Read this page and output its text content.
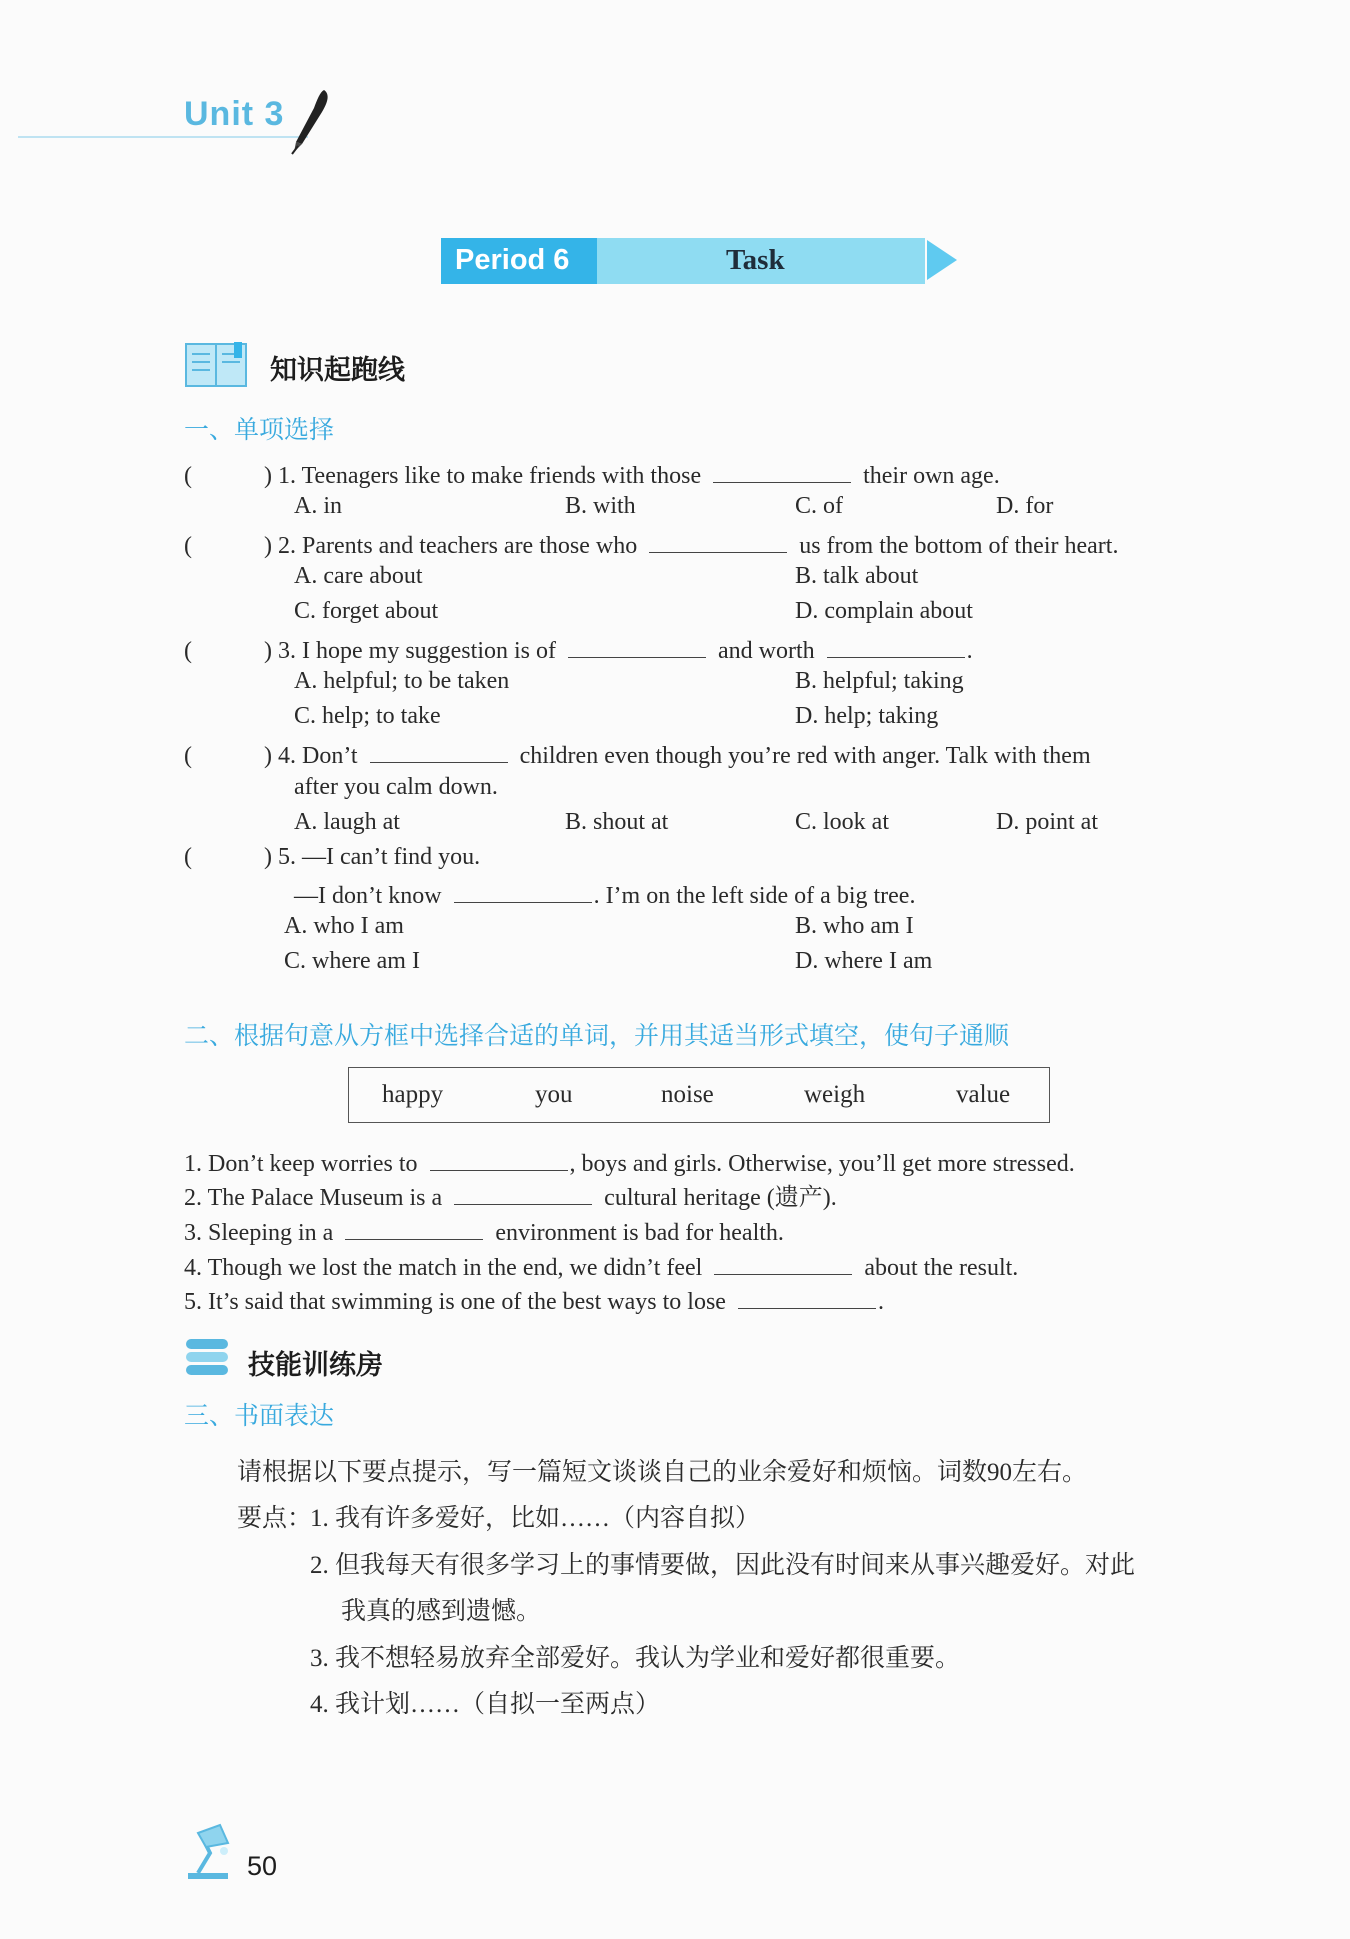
Unit 3
Period 6	Task
知识起跑线
一、单项选择
(	) 1. Teenagers like to make friends with those	their own age.
A. in	B. with	C. of	D. for
(	) 2. Parents and teachers are those who	us from the bottom of their heart.
A. care about	B. talk about
C. forget about	D. complain about
(	) 3. I hope my suggestion is of	and worth	.
A. helpful; to be taken	B. helpful; taking
C. help; to take	D. help; taking
(	) 4. Don’t	children even though you’re red with anger. Talk with them
after you calm down.
A. laugh at	B. shout at	C. look at	D. point at
(	) 5. —I can’t find you.
—I don’t know	. I’m on the left side of a big tree.
A. who I am	B. who am I
C. where am I	D. where I am
二、根据句意从方框中选择合适的单词，并用其适当形式填空，使句子通顺
happy	you	noise	weigh	value
1. Don’t keep worries to	, boys and girls. Otherwise, you’ll get more stressed.
2. The Palace Museum is a	cultural heritage (遗产).
3. Sleeping in a	environment is bad for health.
4. Though we lost the match in the end, we didn’t feel	about the result.
5. It’s said that swimming is one of the best ways to lose	.
技能训练房
三、书面表达
请根据以下要点提示，写一篇短文谈谈自己的业余爱好和烦恼。词数90左右。
要点：
1. 我有许多爱好，比如……（内容自拟）
2. 但我每天有很多学习上的事情要做，因此没有时间来从事兴趣爱好。对此
我真的感到遗憾。
3. 我不想轻易放弃全部爱好。我认为学业和爱好都很重要。
4. 我计划……（自拟一至两点）
50
